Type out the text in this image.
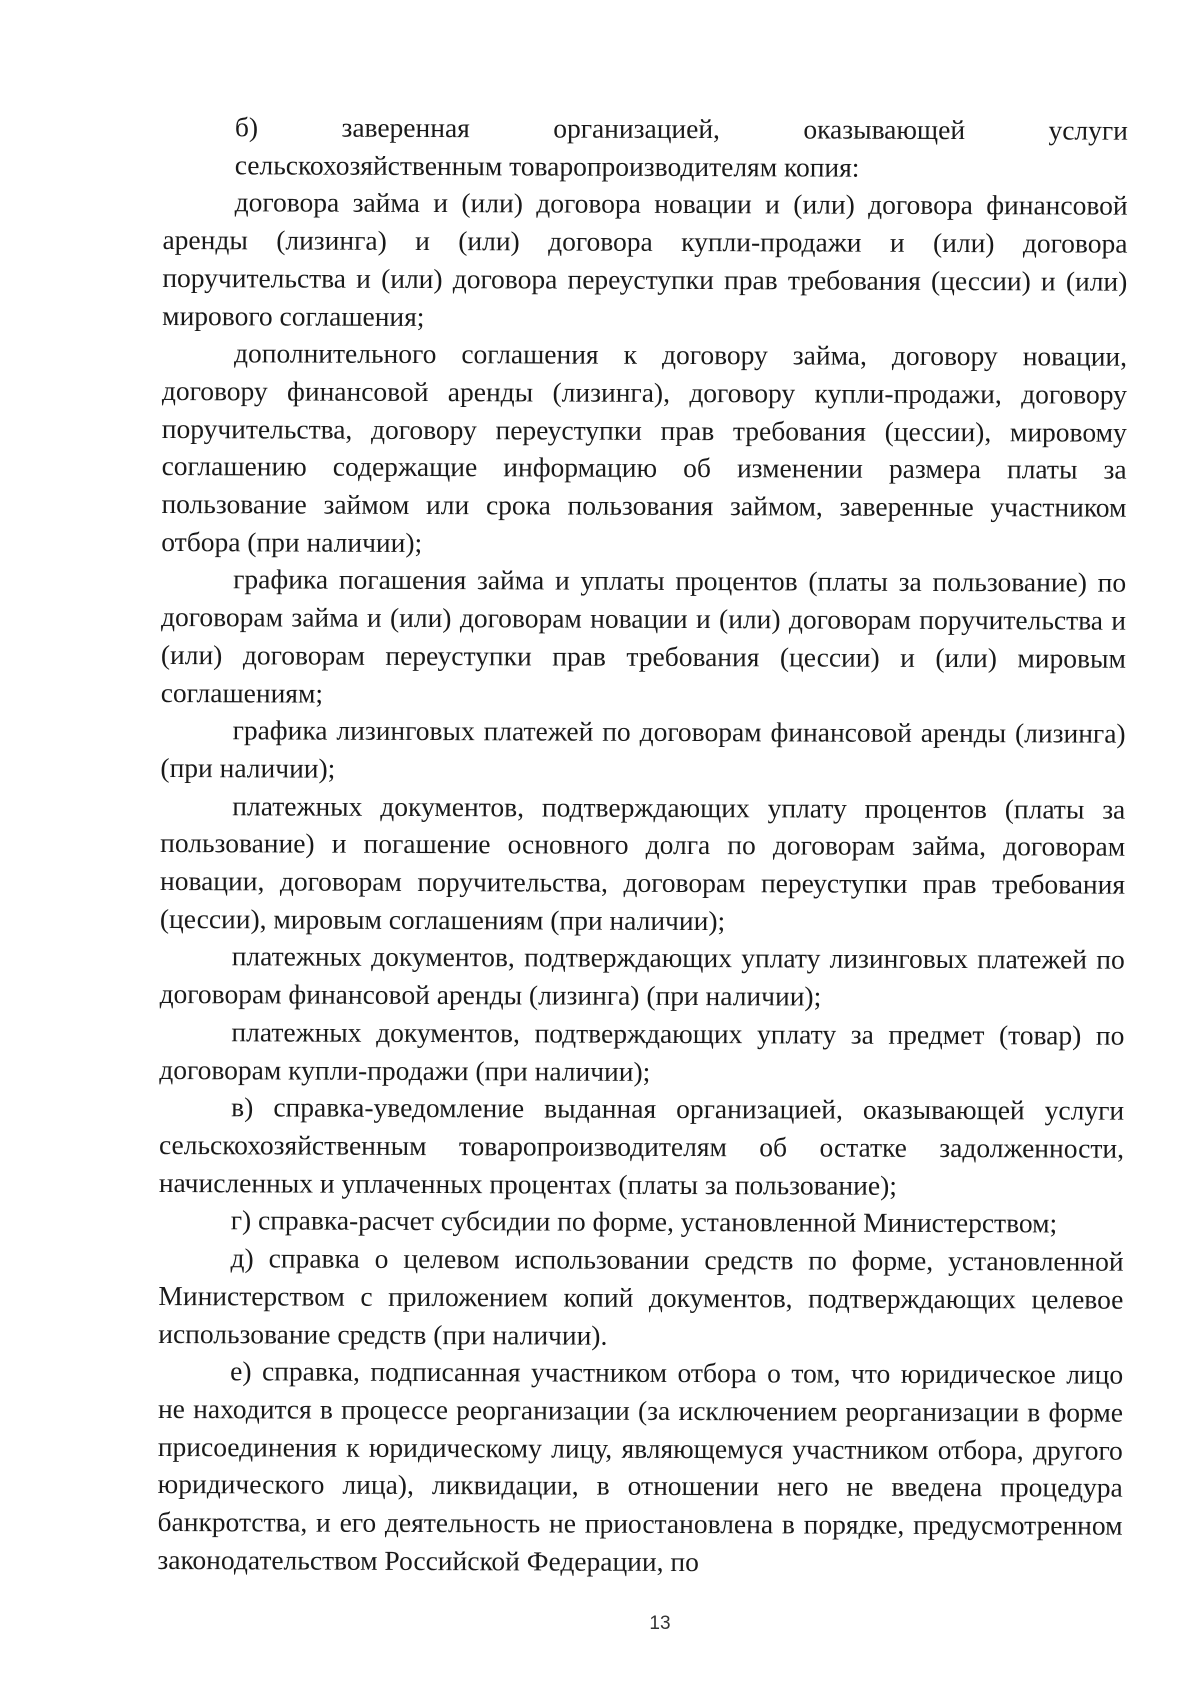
б)	заверенная	организацией,	оказывающей	услуги
сельскохозяйственным товаропроизводителям копия:

договора займа и (или) договора новации и (или) договора финансовой аренды (лизинга) и (или) договора купли-продажи и (или) договора поручительства и (или) договора переуступки прав требования (цессии) и (или) мирового соглашения;

дополнительного соглашения к договору займа, договору новации, договору финансовой аренды (лизинга), договору купли-продажи, договору поручительства, договору переуступки прав требования (цессии), мировому соглашению содержащие информацию об изменении размера платы за пользование займом или срока пользования займом, заверенные участником отбора (при наличии);

графика погашения займа и уплаты процентов (платы за пользование) по договорам займа и (или) договорам новации и (или) договорам поручительства и (или) договорам переуступки прав требования (цессии) и (или) мировым соглашениям;

графика лизинговых платежей по договорам финансовой аренды (лизинга) (при наличии);

платежных документов, подтверждающих уплату процентов (платы за пользование) и погашение основного долга по договорам займа, договорам новации, договорам поручительства, договорам переуступки прав требования (цессии), мировым соглашениям (при наличии);

платежных документов, подтверждающих уплату лизинговых платежей по договорам финансовой аренды (лизинга) (при наличии);

платежных документов, подтверждающих уплату за предмет (товар) по договорам купли-продажи (при наличии);

в) справка-уведомление выданная организацией, оказывающей услуги сельскохозяйственным товаропроизводителям об остатке задолженности, начисленных и уплаченных процентах (платы за пользование);

г) справка-расчет субсидии по форме, установленной Министерством;

д) справка о целевом использовании средств по форме, установленной Министерством с приложением копий документов, подтверждающих целевое использование средств (при наличии).

е) справка, подписанная участником отбора о том, что юридическое лицо не находится в процессе реорганизации (за исключением реорганизации в форме присоединения к юридическому лицу, являющемуся участником отбора, другого юридического лица), ликвидации, в отношении него не введена процедура банкротства, и его деятельность не приостановлена в порядке, предусмотренном законодательством Российской Федерации, по

13
